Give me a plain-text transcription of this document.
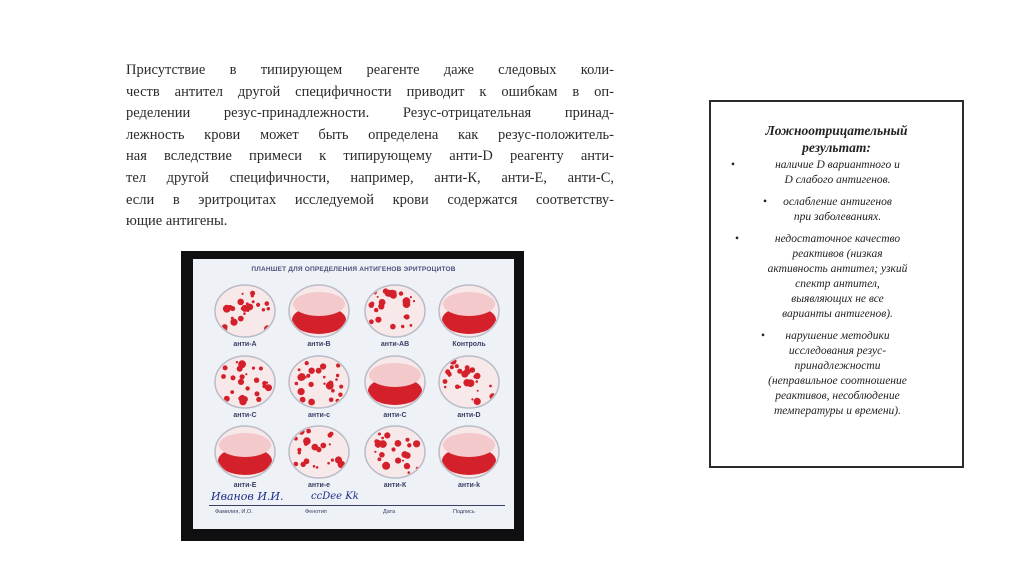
Присутствие в типирующем реагенте даже следовых коли-
честв антител другой специфичности приводит к ошибкам в оп-
ределении резус-принадлежности. Резус-отрицательная принад-
лежность крови может быть определена как резус-положитель-
ная вследствие примеси к типирующему анти-D реагенту анти-
тел другой специфичности, например, анти-К, анти-Е, анти-С,
если в эритроцитах исследуемой крови содержатся соответству-
ющие антигены.
ПЛАНШЕТ ДЛЯ ОПРЕДЕЛЕНИЯ АНТИГЕНОВ ЭРИТРОЦИТОВ
анти-А	анти-В	анти-АВ	Контроль
анти-С	анти-с	анти-С	анти-D
анти-Е	анти-е	анти-К	анти-k
Иванов И.И.	ccDee Kk
Фамилия, И.О.	Фенотип	Дата	Подпись
Ложноотрицательный
результат:
•	наличие D вариантного и
D слабого антигенов.
•	ослабление антигенов
при заболеваниях.
•	недостаточное качество
реактивов (низкая
активность антител; узкий
спектр антител,
выявляющих не все
варианты антигенов).
•	нарушение методики
исследования резус-
принадлежности
(неправильное соотношение
реактивов, несоблюдение
температуры и времени).
